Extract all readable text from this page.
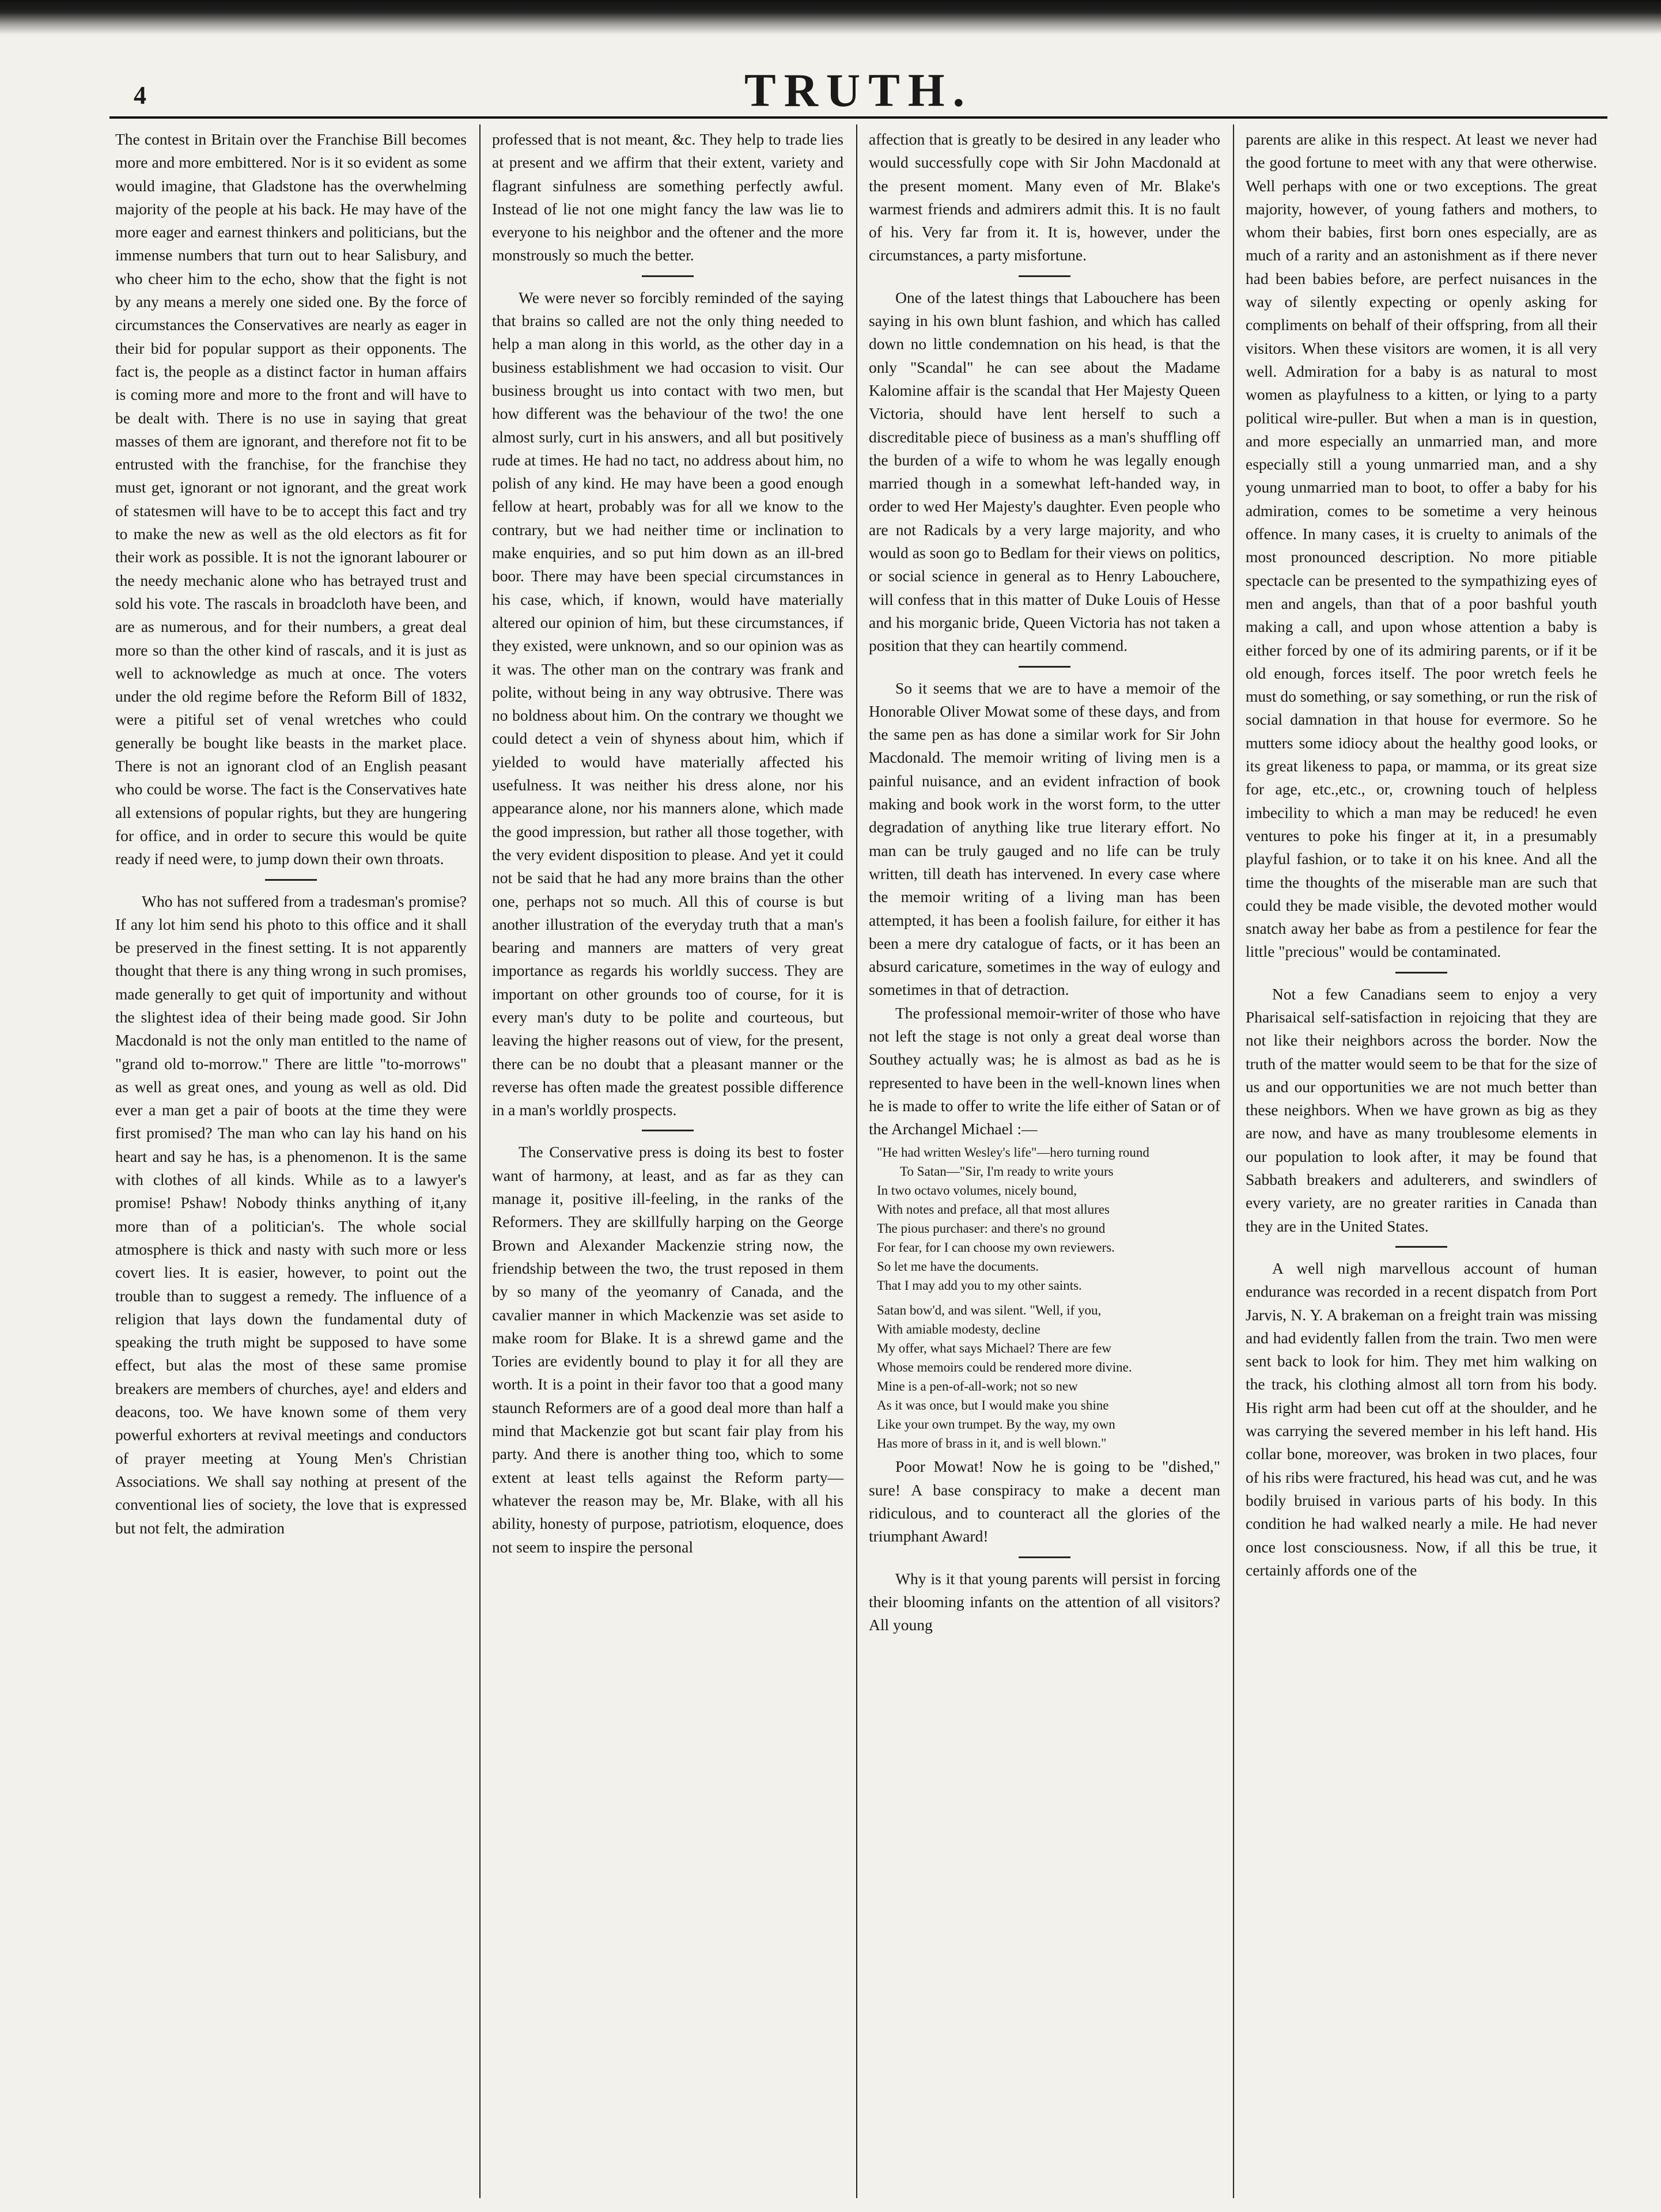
4	TRUTH.

The contest in Britain over the Franchise Bill becomes more and more embittered. Nor is it so evident as some would imagine, that Gladstone has the overwhelming majority of the people at his back. He may have of the more eager and earnest thinkers and politicians, but the immense numbers that turn out to hear Salisbury, and who cheer him to the echo, show that the fight is not by any means a merely one sided one. By the force of circumstances the Conservatives are nearly as eager in their bid for popular support as their opponents. The fact is, the people as a distinct factor in human affairs is coming more and more to the front and will have to be dealt with. There is no use in saying that great masses of them are ignorant, and therefore not fit to be entrusted with the franchise, for the franchise they must get, ignorant or not ignorant, and the great work of statesmen will have to be to accept this fact and try to make the new as well as the old electors as fit for their work as possible. It is not the ignorant labourer or the needy mechanic alone who has betrayed trust and sold his vote. The rascals in broadcloth have been, and are as numerous, and for their numbers, a great deal more so than the other kind of rascals, and it is just as well to acknowledge as much at once. The voters under the old regime before the Reform Bill of 1832, were a pitiful set of venal wretches who could generally be bought like beasts in the market place. There is not an ignorant clod of an English peasant who could be worse. The fact is the Conservatives hate all extensions of popular rights, but they are hungering for office, and in order to secure this would be quite ready if need were, to jump down their own throats.

Who has not suffered from a tradesman's promise? If any lot him send his photo to this office and it shall be preserved in the finest setting. It is not apparently thought that there is any thing wrong in such promises, made generally to get quit of importunity and without the slightest idea of their being made good. Sir John Macdonald is not the only man entitled to the name of "grand old to-morrow." There are little "to-morrows" as well as great ones, and young as well as old. Did ever a man get a pair of boots at the time they were first promised? The man who can lay his hand on his heart and say he has, is a phenomenon. It is the same with clothes of all kinds. While as to a lawyer's promise! Pshaw! Nobody thinks anything of it,any more than of a politician's. The whole social atmosphere is thick and nasty with such more or less covert lies. It is easier, however, to point out the trouble than to suggest a remedy. The influence of a religion that lays down the fundamental duty of speaking the truth might be supposed to have some effect, but alas the most of these same promise breakers are members of churches, aye! and elders and deacons, too. We have known some of them very powerful exhorters at revival meetings and conductors of prayer meeting at Young Men's Christian Associations. We shall say nothing at present of the conventional lies of society, the love that is expressed but not felt, the admiration

professed that is not meant, &c. They help to trade lies at present and we affirm that their extent, variety and flagrant sinfulness are something perfectly awful. Instead of lie not one might fancy the law was lie to everyone to his neighbor and the oftener and the more monstrously so much the better.

We were never so forcibly reminded of the saying that brains so called are not the only thing needed to help a man along in this world, as the other day in a business establishment we had occasion to visit. Our business brought us into contact with two men, but how different was the behaviour of the two! the one almost surly, curt in his answers, and all but positively rude at times. He had no tact, no address about him, no polish of any kind. He may have been a good enough fellow at heart, probably was for all we know to the contrary, but we had neither time or inclination to make enquiries, and so put him down as an ill-bred boor. There may have been special circumstances in his case, which, if known, would have materially altered our opinion of him, but these circumstances, if they existed, were unknown, and so our opinion was as it was. The other man on the contrary was frank and polite, without being in any way obtrusive. There was no boldness about him. On the contrary we thought we could detect a vein of shyness about him, which if yielded to would have materially affected his usefulness. It was neither his dress alone, nor his appearance alone, nor his manners alone, which made the good impression, but rather all those together, with the very evident disposition to please. And yet it could not be said that he had any more brains than the other one, perhaps not so much. All this of course is but another illustration of the everyday truth that a man's bearing and manners are matters of very great importance as regards his worldly success. They are important on other grounds too of course, for it is every man's duty to be polite and courteous, but leaving the higher reasons out of view, for the present, there can be no doubt that a pleasant manner or the reverse has often made the greatest possible difference in a man's worldly prospects.

The Conservative press is doing its best to foster want of harmony, at least, and as far as they can manage it, positive ill-feeling, in the ranks of the Reformers. They are skillfully harping on the George Brown and Alexander Mackenzie string now, the friendship between the two, the trust reposed in them by so many of the yeomanry of Canada, and the cavalier manner in which Mackenzie was set aside to make room for Blake. It is a shrewd game and the Tories are evidently bound to play it for all they are worth. It is a point in their favor too that a good many staunch Reformers are of a good deal more than half a mind that Mackenzie got but scant fair play from his party. And there is another thing too, which to some extent at least tells against the Reform party—whatever the reason may be, Mr. Blake, with all his ability, honesty of purpose, patriotism, eloquence, does not seem to inspire the personal

affection that is greatly to be desired in any leader who would successfully cope with Sir John Macdonald at the present moment. Many even of Mr. Blake's warmest friends and admirers admit this. It is no fault of his. Very far from it. It is, however, under the circumstances, a party misfortune.

One of the latest things that Labouchere has been saying in his own blunt fashion, and which has called down no little condemnation on his head, is that the only "Scandal" he can see about the Madame Kalomine affair is the scandal that Her Majesty Queen Victoria, should have lent herself to such a discreditable piece of business as a man's shuffling off the burden of a wife to whom he was legally enough married though in a somewhat left-handed way, in order to wed Her Majesty's daughter. Even people who are not Radicals by a very large majority, and who would as soon go to Bedlam for their views on politics, or social science in general as to Henry Labouchere, will confess that in this matter of Duke Louis of Hesse and his morganic bride, Queen Victoria has not taken a position that they can heartily commend.

So it seems that we are to have a memoir of the Honorable Oliver Mowat some of these days, and from the same pen as has done a similar work for Sir John Macdonald. The memoir writing of living men is a painful nuisance, and an evident infraction of book making and book work in the worst form, to the utter degradation of anything like true literary effort. No man can be truly gauged and no life can be truly written, till death has intervened. In every case where the memoir writing of a living man has been attempted, it has been a foolish failure, for either it has been a mere dry catalogue of facts, or it has been an absurd caricature, sometimes in the way of eulogy and sometimes in that of detraction.

The professional memoir-writer of those who have not left the stage is not only a great deal worse than Southey actually was; he is almost as bad as he is represented to have been in the well-known lines when he is made to offer to write the life either of Satan or of the Archangel Michael :—

"He had written Wesley's life"—hero turning round
To Satan—"Sir, I'm ready to write yours
In two octavo volumes, nicely bound,
With notes and preface, all that most allures
The pious purchaser: and there's no ground
For fear, for I can choose my own reviewers.
So let me have the documents.
That I may add you to my other saints.
Satan bow'd, and was silent. "Well, if you,
With amiable modesty, decline
My offer, what says Michael? There are few
Whose memoirs could be rendered more divine.
Mine is a pen-of-all-work; not so new
As it was once, but I would make you shine
Like your own trumpet. By the way, my own
Has more of brass in it, and is well blown."

Poor Mowat! Now he is going to be "dished," sure! A base conspiracy to make a decent man ridiculous, and to counteract all the glories of the triumphant Award!

Why is it that young parents will persist in forcing their blooming infants on the attention of all visitors? All young

parents are alike in this respect. At least we never had the good fortune to meet with any that were otherwise. Well perhaps with one or two exceptions. The great majority, however, of young fathers and mothers, to whom their babies, first born ones especially, are as much of a rarity and an astonishment as if there never had been babies before, are perfect nuisances in the way of silently expecting or openly asking for compliments on behalf of their offspring, from all their visitors. When these visitors are women, it is all very well. Admiration for a baby is as natural to most women as playfulness to a kitten, or lying to a party political wire-puller. But when a man is in question, and more especially an unmarried man, and more especially still a young unmarried man, and a shy young unmarried man to boot, to offer a baby for his admiration, comes to be sometime a very heinous offence. In many cases, it is cruelty to animals of the most pronounced description. No more pitiable spectacle can be presented to the sympathizing eyes of men and angels, than that of a poor bashful youth making a call, and upon whose attention a baby is either forced by one of its admiring parents, or if it be old enough, forces itself. The poor wretch feels he must do something, or say something, or run the risk of social damnation in that house for evermore. So he mutters some idiocy about the healthy good looks, or its great likeness to papa, or mamma, or its great size for age, etc.,etc., or, crowning touch of helpless imbecility to which a man may be reduced! he even ventures to poke his finger at it, in a presumably playful fashion, or to take it on his knee. And all the time the thoughts of the miserable man are such that could they be made visible, the devoted mother would snatch away her babe as from a pestilence for fear the little "precious" would be contaminated.

Not a few Canadians seem to enjoy a very Pharisaical self-satisfaction in rejoicing that they are not like their neighbors across the border. Now the truth of the matter would seem to be that for the size of us and our opportunities we are not much better than these neighbors. When we have grown as big as they are now, and have as many troublesome elements in our population to look after, it may be found that Sabbath breakers and adulterers, and swindlers of every variety, are no greater rarities in Canada than they are in the United States.

A well nigh marvellous account of human endurance was recorded in a recent dispatch from Port Jarvis, N. Y. A brakeman on a freight train was missing and had evidently fallen from the train. Two men were sent back to look for him. They met him walking on the track, his clothing almost all torn from his body. His right arm had been cut off at the shoulder, and he was carrying the severed member in his left hand. His collar bone, moreover, was broken in two places, four of his ribs were fractured, his head was cut, and he was bodily bruised in various parts of his body. In this condition he had walked nearly a mile. He had never once lost consciousness. Now, if all this be true, it certainly affords one of the
